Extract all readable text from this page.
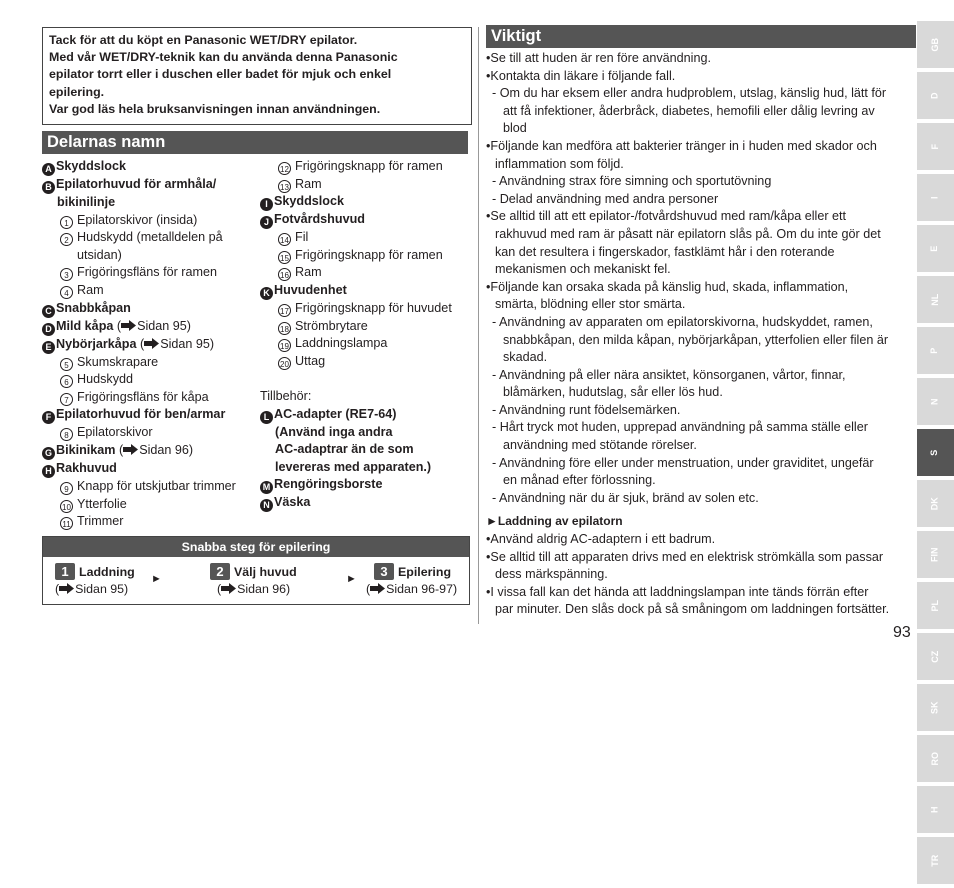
Tack för att du köpt en Panasonic WET/DRY epilator.
Med vår WET/DRY-teknik kan du använda denna Panasonic
epilator torrt eller i duschen eller badet för mjuk och enkel
epilering.
Var god läs hela bruksanvisningen innan användningen.
Delarnas namn
A Skyddslock
B Epilatorhuvud för armhåla/
bikinilinje
1 Epilatorskivor (insida)
2 Hudskydd (metalldelen på
utsidan)
3 Frigöringsfläns för ramen
4 Ram
C Snabbkåpan
D Mild kåpa ( Sidan 95)
E Nybörjarkåpa ( Sidan 95)
5 Skumskrapare
6 Hudskydd
7 Frigöringsfläns för kåpa
F Epilatorhuvud för ben/armar
8 Epilatorskivor
G Bikinikam ( Sidan 96)
H Rakhuvud
9 Knapp för utskjutbar trimmer
10 Ytterfolie
11 Trimmer
12 Frigöringsknapp för ramen
13 Ram
I Skyddslock
J Fotvårdshuvud
14 Fil
15 Frigöringsknapp för ramen
16 Ram
K Huvudenhet
17 Frigöringsknapp för huvudet
18 Strömbrytare
19 Laddningslampa
20 Uttag
Tillbehör:
L AC-adapter (RE7-64)
(Använd inga andra
AC-adaptrar än de som
levereras med apparaten.)
M Rengöringsborste
N Väska
Snabba steg för epilering
1 Laddning
( Sidan 95)
►	2 Välj huvud
( Sidan 96)
►	3 Epilering
( Sidan 96-97)
Viktigt
•Se till att huden är ren före användning.
•Kontakta din läkare i följande fall.
- Om du har eksem eller andra hudproblem, utslag, känslig hud, lätt för
att få infektioner, åderbråck, diabetes, hemofili eller dålig levring av
blod
•Följande kan medföra att bakterier tränger in i huden med skador och
inflammation som följd.
- Användning strax före simning och sportutövning
- Delad användning med andra personer
•Se alltid till att ett epilator-/fotvårdshuvud med ram/kåpa eller ett
rakhuvud med ram är påsatt när epilatorn slås på. Om du inte gör det
kan det resultera i fingerskador, fastklämt hår i den roterande
mekanismen och mekaniskt fel.
•Följande kan orsaka skada på känslig hud, skada, inflammation,
smärta, blödning eller stor smärta.
- Användning av apparaten om epilatorskivorna, hudskyddet, ramen,
snabbkåpan, den milda kåpan, nybörjarkåpan, ytterfolien eller filen är
skadad.
- Användning på eller nära ansiktet, könsorganen, vårtor, finnar,
blåmärken, hudutslag, sår eller lös hud.
- Användning runt födelsemärken.
- Hårt tryck mot huden, upprepad användning på samma ställe eller
användning med stötande rörelser.
- Användning före eller under menstruation, under graviditet, ungefär
en månad efter förlossning.
- Användning när du är sjuk, bränd av solen etc.
►Laddning av epilatorn
•Använd aldrig AC-adaptern i ett badrum.
•Se alltid till att apparaten drivs med en elektrisk strömkälla som passar
dess märkspänning.
•I vissa fall kan det hända att laddningslampan inte tänds förrän efter
par minuter. Den slås dock på så småningom om laddningen fortsätter.
GB
D
F
I
E
NL
P
N
S
DK
FIN
PL
CZ
SK
RO
H
TR
93
